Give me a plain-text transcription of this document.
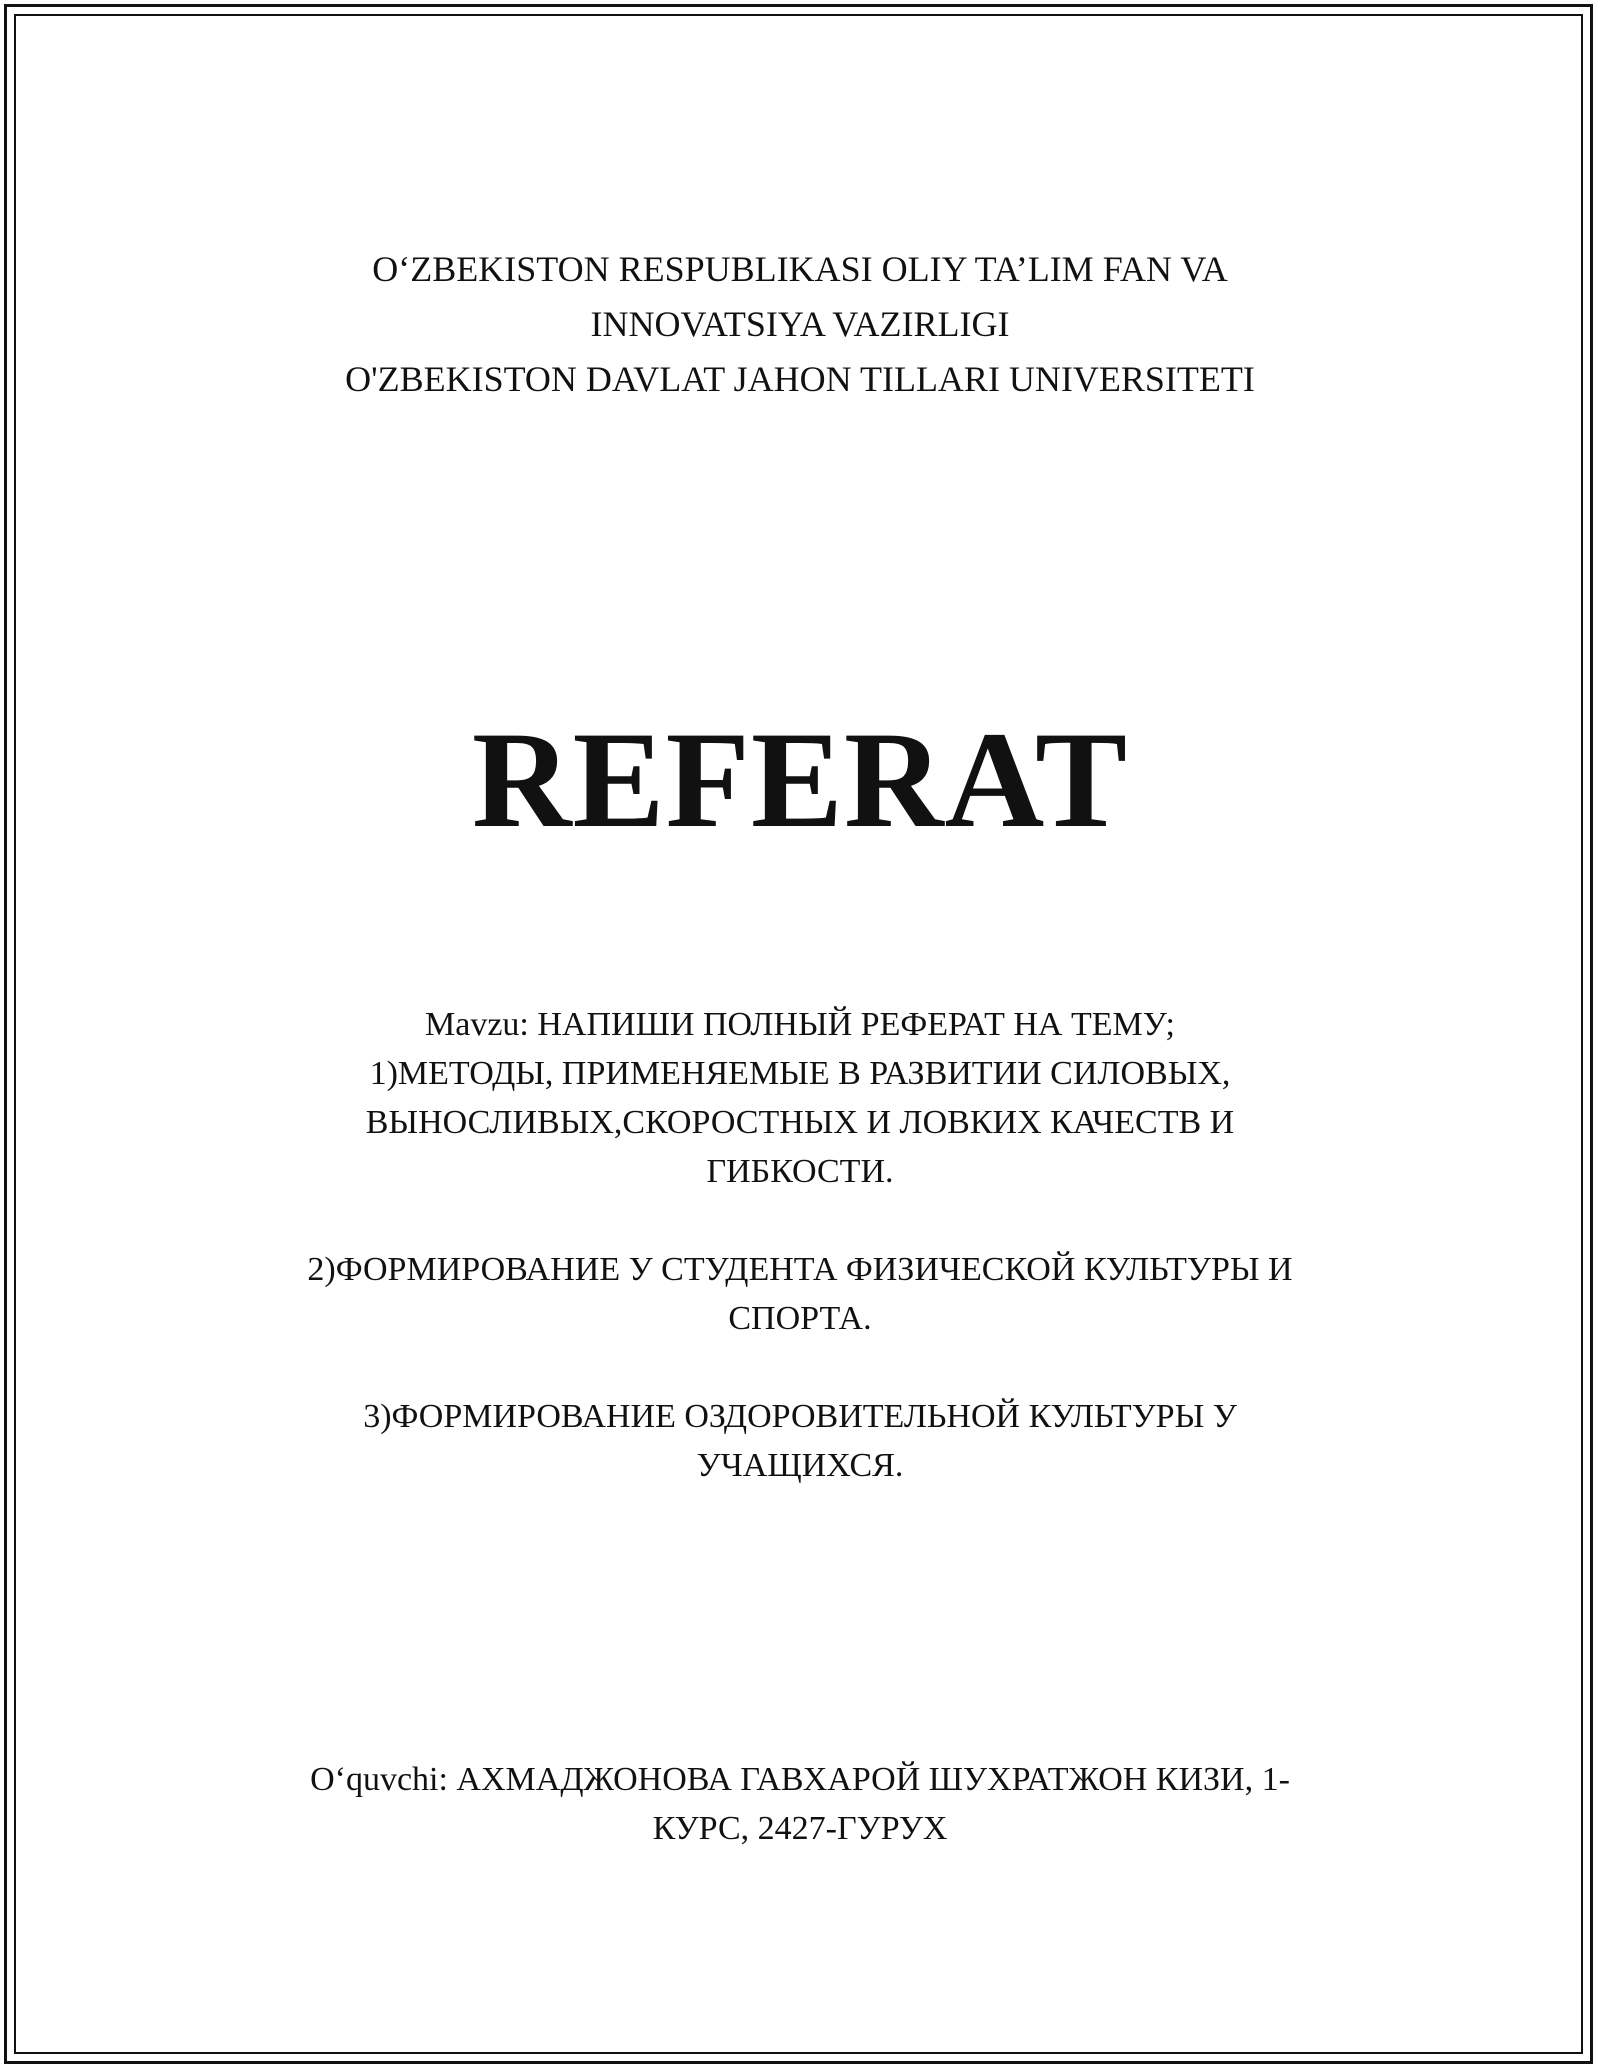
O‘ZBEKISTON RESPUBLIKASI OLIY TA’LIM FAN VA
INNOVATSIYA VAZIRLIGI
O'ZBEKISTON DAVLAT JAHON TILLARI UNIVERSITETI
REFERAT
Mavzu: НАПИШИ ПОЛНЫЙ РЕФЕРАТ НА ТЕМУ;
1)МЕТОДЫ, ПРИМЕНЯЕМЫЕ В РАЗВИТИИ СИЛОВЫХ,
ВЫНОСЛИВЫХ,СКОРОСТНЫХ И ЛОВКИХ КАЧЕСТВ И
ГИБКОСТИ.
2)ФОРМИРОВАНИЕ У СТУДЕНТА ФИЗИЧЕСКОЙ КУЛЬТУРЫ И
СПОРТА.
3)ФОРМИРОВАНИЕ ОЗДОРОВИТЕЛЬНОЙ КУЛЬТУРЫ У
УЧАЩИХСЯ.
O‘quvchi: АХМАДЖОНОВА ГАВХАРОЙ ШУХРАТЖОН КИЗИ, 1-
КУРС, 2427-ГУРУХ
